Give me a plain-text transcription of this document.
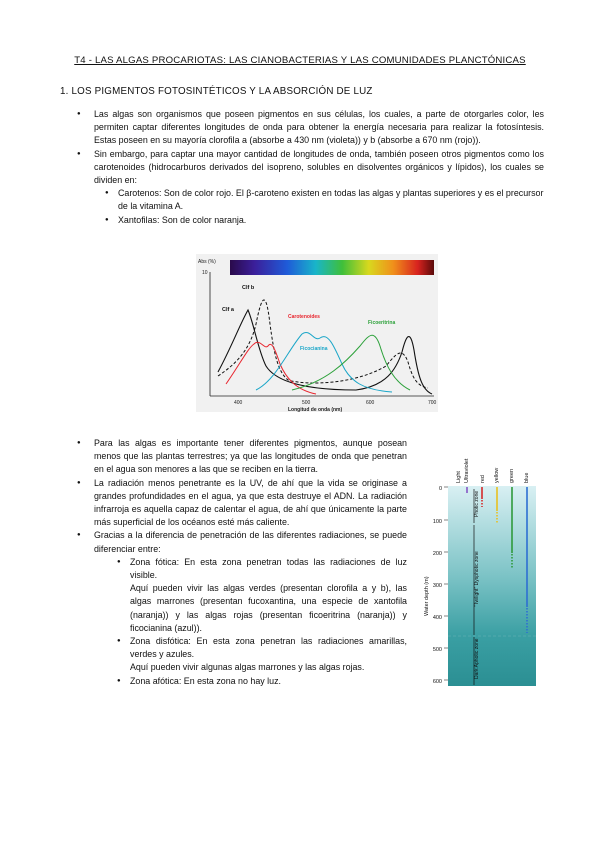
T4 - LAS ALGAS PROCARIOTAS: LAS CIANOBACTERIAS Y LAS COMUNIDADES PLANCTÓNICAS
1. LOS PIGMENTOS FOTOSINTÉTICOS Y LA ABSORCIÓN DE LUZ
● Las algas son organismos que poseen pigmentos en sus células, los cuales, a parte de otorgarles color, les permiten captar diferentes longitudes de onda para obtener la energía necesaria para realizar la fotosíntesis. Estas poseen en su mayoría clorofila a (absorbe a 430 nm (violeta)) y b (absorbe a 670 nm (rojo)).
● Sin embargo, para captar una mayor cantidad de longitudes de onda, también poseen otros pigmentos como los carotenoides (hidrocarburos derivados del isopreno, solubles en disolventes orgánicos y lípidos), los cuales se dividen en:
● Carotenos: Son de color rojo. El β-caroteno existen en todas las algas y plantas superiores y es el precursor de la vitamina A.
● Xantofilas: Son de color naranja.
Abs (%)
10
Clf b
Clf a
Carotenoides
Ficoeritrina
Ficocianina
400	500	600	700
Longitud de onda (nm)
● Para las algas es importante tener diferentes pigmentos, aunque posean menos que las plantas terrestres; ya que las longitudes de onda que penetran en el agua son menores a las que se reciben en la tierra.
● La radiación menos penetrante es la UV, de ahí que la vida se originase a grandes profundidades en el agua, ya que esta destruye el ADN. La radiación infrarroja es aquella capaz de calentar el agua, de ahí que únicamente la parte más superficial de los océanos esté más caliente.
● Gracias a la diferencia de penetración de las diferentes radiaciones, se puede diferenciar entre:
● Zona fótica: En esta zona penetran todas las radiaciones de luz visible.
Aquí pueden vivir las algas verdes (presentan clorofila a y b), las algas marrones (presentan fucoxantina, una especie de xantofila (naranja)) y las algas rojas (presentan ficoeritrina (naranja)) y ficocianina (azul)).
● Zona disfótica: En esta zona penetran las radiaciones amarillas, verdes y azules.
Aquí pueden vivir algunas algas marrones y las algas rojas.
● Zona afótica: En esta zona no hay luz.
Light Ultraviolet red yellow green blue
0
100
200
300
400
500
600
Water depth (m)
Photic zone
"Twilight" Dysphotic zone
Dark Aphotic zone
